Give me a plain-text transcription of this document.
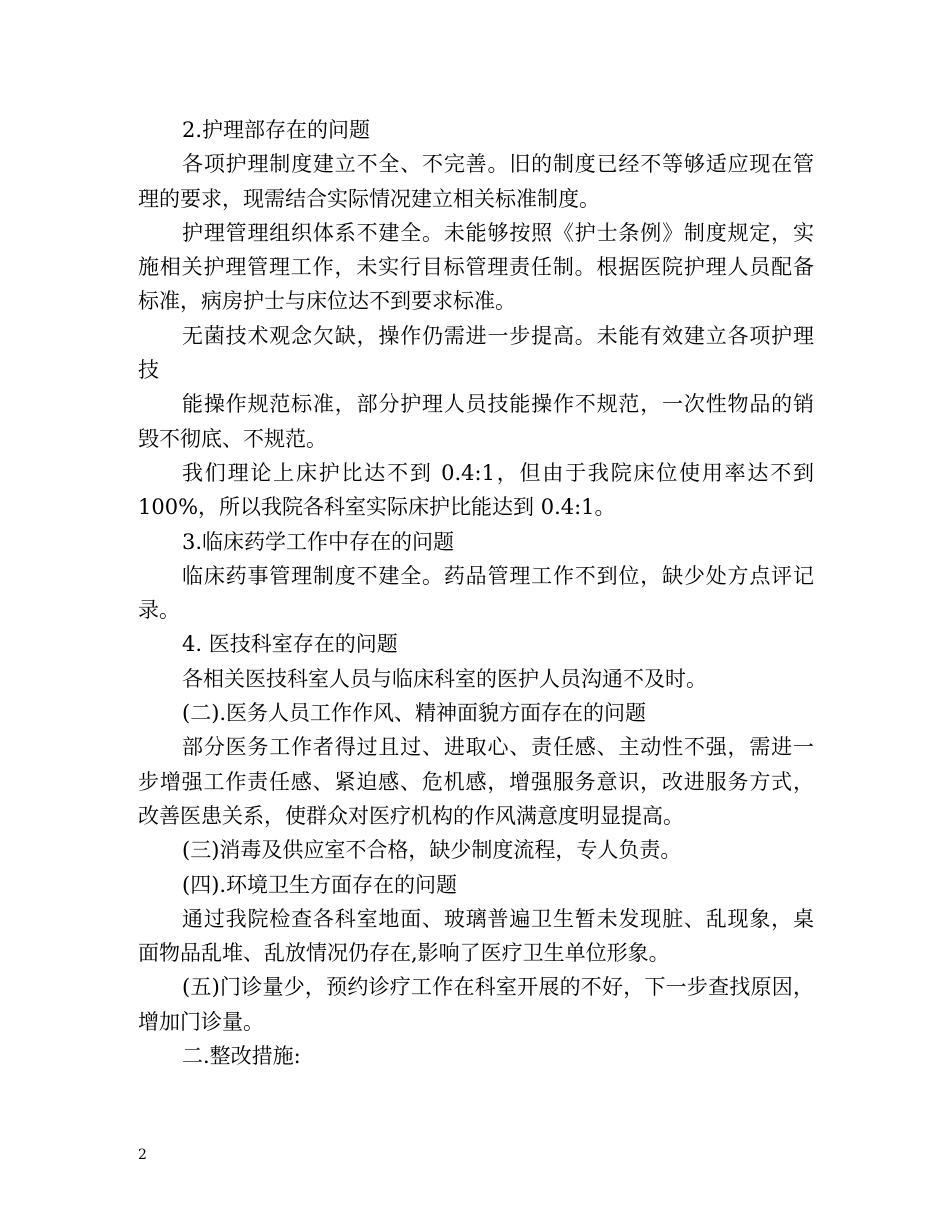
2.护理部存在的问题
各项护理制度建立不全、不完善。旧的制度已经不等够适应现在管
理的要求，现需结合实际情况建立相关标准制度。
护理管理组织体系不建全。未能够按照《护士条例》制度规定，实
施相关护理管理工作，未实行目标管理责任制。根据医院护理人员配备
标准，病房护士与床位达不到要求标准。
无菌技术观念欠缺，操作仍需进一步提高。未能有效建立各项护理
技
能操作规范标准，部分护理人员技能操作不规范，一次性物品的销
毁不彻底、不规范。
我们理论上床护比达不到 0.4:1，但由于我院床位使用率达不到
100%，所以我院各科室实际床护比能达到 0.4:1。
3.临床药学工作中存在的问题
临床药事管理制度不建全。药品管理工作不到位，缺少处方点评记
录。
4. 医技科室存在的问题
各相关医技科室人员与临床科室的医护人员沟通不及时。
(二).医务人员工作作风、精神面貌方面存在的问题
部分医务工作者得过且过、进取心、责任感、主动性不强，需进一
步增强工作责任感、紧迫感、危机感，增强服务意识，改进服务方式，
改善医患关系，使群众对医疗机构的作风满意度明显提高。
(三)消毒及供应室不合格，缺少制度流程，专人负责。
(四).环境卫生方面存在的问题
通过我院检查各科室地面、玻璃普遍卫生暂未发现脏、乱现象，桌
面物品乱堆、乱放情况仍存在,影响了医疗卫生单位形象。
(五)门诊量少，预约诊疗工作在科室开展的不好，下一步查找原因，
增加门诊量。
二.整改措施:
2
